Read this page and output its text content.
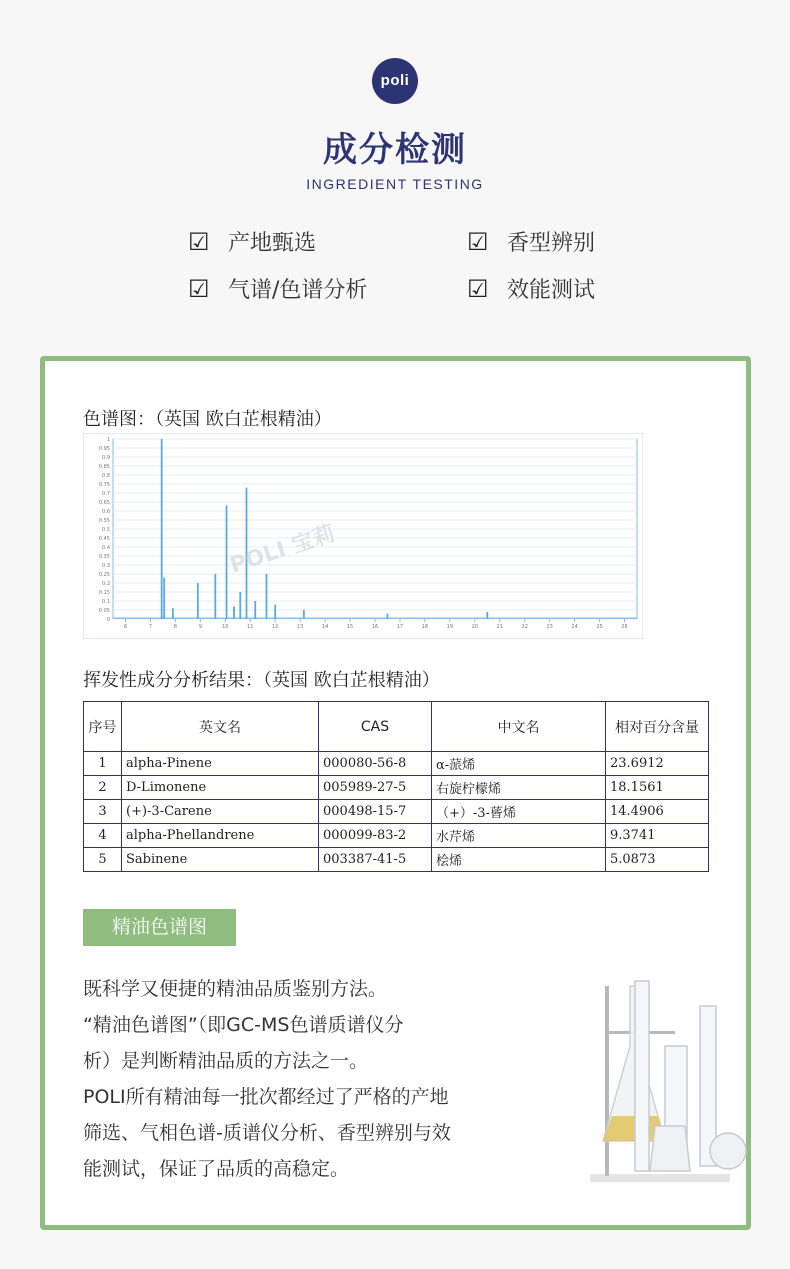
poli
成分检测
INGREDIENT TESTING
☑ 产地甄选	☑ 香型辨别
☑ 气谱/色谱分析	☑ 效能测试
色谱图：（英国 欧白芷根精油）
0
0.05
0.1
0.15
0.2
0.25
0.3
0.35
0.4
0.45
0.5
0.55
0.6
0.65
0.7
0.75
0.8
0.85
0.9
0.95
1
6	7	8	9	10	11	12	13	14	15	16	17	18	19	20	21	22	23	24	25	26
POLI 宝莉
挥发性成分分析结果：（英国 欧白芷根精油）
序号	英文名	CAS	中文名	相对百分含量
1	alpha-Pinene	000080-56-8	α-蒎烯	23.6912
2	D-Limonene	005989-27-5	右旋柠檬烯	18.1561
3	(+)-3-Carene	000498-15-7	（+）-3-蒈烯	14.4906
4	alpha-Phellandrene	000099-83-2	水芹烯	9.3741
5	Sabinene	003387-41-5	桧烯	5.0873
精油色谱图
既科学又便捷的精油品质鉴别方法。
“精油色谱图”（即GC-MS色谱质谱仪分
析）是判断精油品质的方法之一。
POLI所有精油每一批次都经过了严格的产地
筛选、气相色谱-质谱仪分析、香型辨别与效
能测试，保证了品质的高稳定。
